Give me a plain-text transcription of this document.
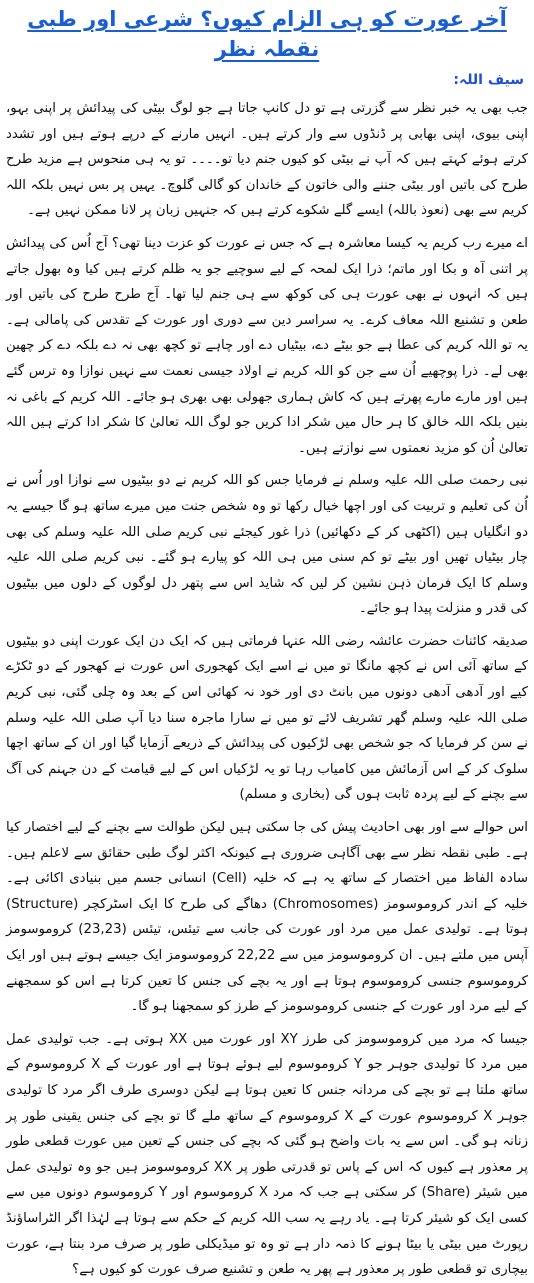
آخر عورت کو ہی الزام کیوں؟ شرعی اور طبی نقطہ نظر
سیف اللہ:

جب بھی یہ خبر نظر سے گزرتی ہے تو دل کانپ جاتا ہے جو لوگ بیٹی کی پیدائش پر اپنی بہو، اپنی بیوی، اپنی بھابی پر ڈنڈوں سے وار کرتے ہیں۔ انہیں مارنے کے درپے ہوتے ہیں اور تشدد کرتے ہوئے کہتے ہیں کہ آپ نے بیٹی کو کیوں جنم دیا تو۔۔۔۔ تو یہ ہی منحوس ہے مزید طرح طرح کی باتیں اور بیٹی جننے والی خاتون کے خاندان کو گالی گلوچ۔ یہیں پر بس نہیں بلکہ اللہ کریم سے بھی (نعوذ باللہ) ایسے گلے شکوے کرتے ہیں کہ جنہیں زبان پر لانا ممکن نہیں ہے۔

اے میرے رب کریم یہ کیسا معاشرہ ہے کہ جس نے عورت کو عزت دینا تھی؟ آج اُس کی پیدائش پر اتنی آہ و بکا اور ماتم؛ ذرا ایک لمحہ کے لیے سوچیے جو یہ ظلم کرتے ہیں کیا وہ بھول جاتے ہیں کہ انہوں نے بھی عورت ہی کی کوکھ سے ہی جنم لیا تھا۔ آج طرح طرح کی باتیں اور طعن و تشنیع اللہ معاف کرے۔ یہ سراسر دین سے دوری اور عورت کے تقدس کی پامالی ہے۔ یہ تو اللہ کریم کی عطا ہے جو بیٹے دے، بیٹیاں دے اور چاہے تو کچھ بھی نہ دے بلکہ دے کر چھین بھی لے۔ ذرا پوچھیے اُن سے جن کو اللہ کریم نے اولاد جیسی نعمت سے نہیں نوازا وہ ترس گئے ہیں اور مارے مارے پھرتے ہیں کہ کاش ہماری جھولی بھی بھری ہو جائے۔ اللہ کریم کے باغی نہ بنیں بلکہ اللہ خالق کا ہر حال میں شکر ادا کریں جو لوگ اللہ تعالیٰ کا شکر ادا کرتے ہیں اللہ تعالیٰ اُن کو مزید نعمتوں سے نوازتے ہیں۔

نبی رحمت صلی اللہ علیہ وسلم نے فرمایا جس کو اللہ کریم نے دو بیٹیوں سے نوازا اور اُس نے اُن کی تعلیم و تربیت کی اور اچھا خیال رکھا تو وہ شخص جنت میں میرے ساتھ ہو گا جیسے یہ دو انگلیاں ہیں (اکٹھی کر کے دکھائیں) ذرا غور کیجئے نبی کریم صلی اللہ علیہ وسلم کی بھی چار بیٹیاں تھیں اور بیٹے تو کم سنی میں ہی اللہ کو پیارے ہو گئے۔ نبی کریم صلی اللہ علیہ وسلم کا ایک فرمان ذہن نشین کر لیں کہ شاید اس سے پتھر دل لوگوں کے دلوں میں بیٹیوں کی قدر و منزلت پیدا ہو جائے۔

صدیقہ کائنات حضرت عائشہ رضی اللہ عنہا فرماتی ہیں کہ ایک دن ایک عورت اپنی دو بیٹیوں کے ساتھ آئی اس نے کچھ مانگا تو میں نے اسے ایک کھجوری اس عورت نے کھجور کے دو ٹکڑے کیے اور آدھی آدھی دونوں میں بانٹ دی اور خود نہ کھائی اس کے بعد وہ چلی گئی، نبی کریم صلی اللہ علیہ وسلم گھر تشریف لائے تو میں نے سارا ماجرہ سنا دیا آپ صلی اللہ علیہ وسلم نے سن کر فرمایا کہ جو شخص بھی لڑکیوں کی پیدائش کے ذریعے آزمایا گیا اور ان کے ساتھ اچھا سلوک کر کے اس آزمائش میں کامیاب رہا تو یہ لڑکیاں اس کے لیے قیامت کے دن جہنم کی آگ سے بچنے کے لیے پردہ ثابت ہوں گی (بخاری و مسلم)

اس حوالے سے اور بھی احادیث پیش کی جا سکتی ہیں لیکن طوالت سے بچنے کے لیے اختصار کیا ہے۔ طبی نقطہ نظر سے بھی آگاہی ضروری ہے کیونکہ اکثر لوگ طبی حقائق سے لاعلم ہیں۔ سادہ الفاظ میں اختصار کے ساتھ یہ ہے کہ خلیہ (Cell) انسانی جسم میں بنیادی اکائی ہے۔ خلیہ کے اندر کروموسومز (Chromosomes) دھاگے کی طرح کا ایک اسٹرکچر (Structure) ہوتا ہے۔ تولیدی عمل میں مرد اور عورت کی جانب سے تیئس، تیئس (23,23) کروموسومز آپس میں ملتے ہیں۔ ان کروموسومز میں سے 22,22 کروموسومز ایک جیسے ہوتے ہیں اور ایک کروموسوم جنسی کروموسوم ہوتا ہے اور یہ بچے کی جنس کا تعین کرتا ہے اس کو سمجھنے کے لیے مرد اور عورت کے جنسی کروموسومز کے طرز کو سمجھنا ہو گا۔

جیسا کہ مرد میں کروموسومز کی طرز XY اور عورت میں XX ہوتی ہے۔ جب تولیدی عمل میں مرد کا تولیدی جوہر جو Y کروموسوم لیے ہوئے ہوتا ہے اور عورت کے X کروموسوم کے ساتھ ملتا ہے تو بچے کی مردانہ جنس کا تعین ہوتا ہے لیکن دوسری طرف اگر مرد کا تولیدی جوہر X کروموسوم عورت کے X کروموسوم کے ساتھ ملے گا تو بچے کی جنس یقینی طور پر زنانہ ہو گی۔ اس سے یہ بات واضح ہو گئی کہ بچے کی جنس کے تعین میں عورت قطعی طور پر معذور ہے کیوں کہ اس کے پاس تو قدرتی طور پر XX کروموسومز ہیں جو وہ تولیدی عمل میں شیئر (Share) کر سکتی ہے جب کہ مرد X کروموسوم اور Y کروموسوم دونوں میں سے کسی ایک کو شیئر کرتا ہے۔ یاد رہے یہ سب اللہ کریم کے حکم سے ہوتا ہے لہٰذا اگر الٹراساؤنڈ رپورٹ میں بیٹی یا بیٹا ہونے کا ذمہ دار ہے تو وہ تو میڈیکلی طور پر صرف مرد بنتا ہے، عورت بیچاری تو قطعی طور پر معذور ہے پھر یہ طعن و تشنیع صرف عورت کو کیوں ہے؟
